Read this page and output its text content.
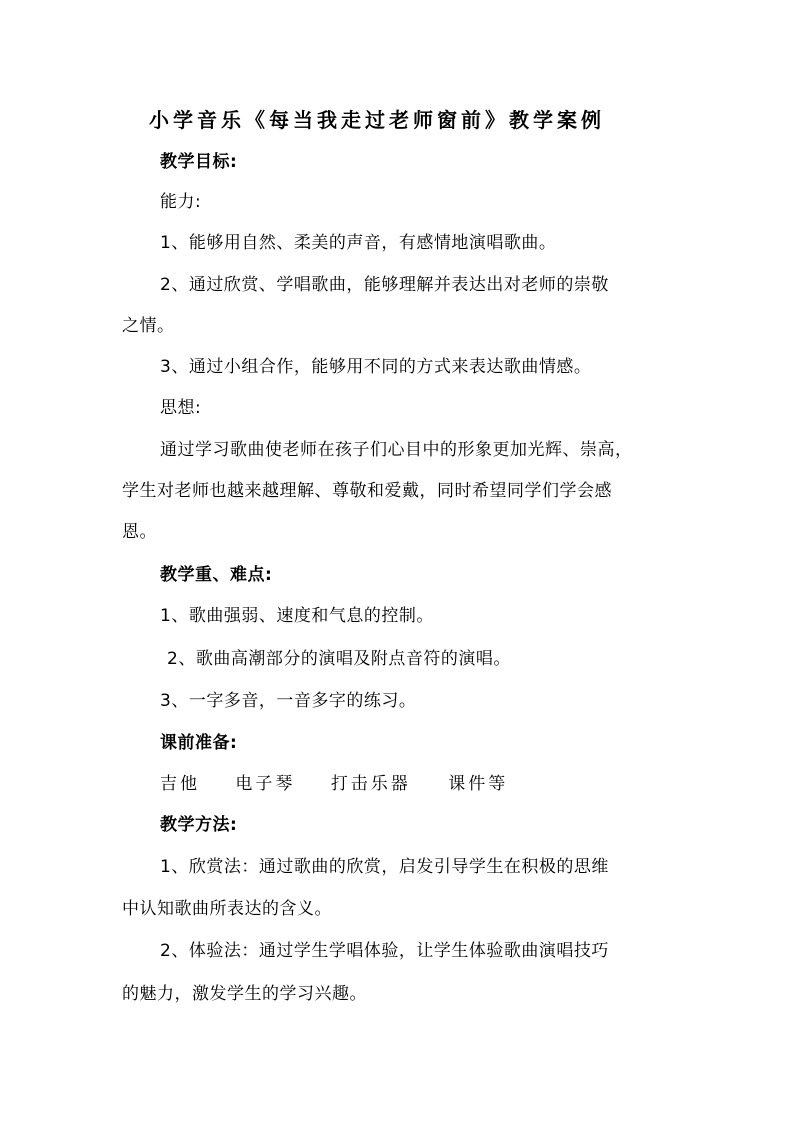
小学音乐《每当我走过老师窗前》教学案例
教学目标:
能力:
1、能够用自然、柔美的声音，有感情地演唱歌曲。
2、通过欣赏、学唱歌曲，能够理解并表达出对老师的崇敬
之情。
3、通过小组合作，能够用不同的方式来表达歌曲情感。
思想:
通过学习歌曲使老师在孩子们心目中的形象更加光辉、崇高，
学生对老师也越来越理解、尊敬和爱戴，同时希望同学们学会感
恩。
教学重、难点:
1、歌曲强弱、速度和气息的控制。
2、歌曲高潮部分的演唱及附点音符的演唱。
3、一字多音，一音多字的练习。
课前准备:
吉他 电子琴 打击乐器 课件等
教学方法:
1、欣赏法：通过歌曲的欣赏，启发引导学生在积极的思维
中认知歌曲所表达的含义。
2、体验法：通过学生学唱体验，让学生体验歌曲演唱技巧
的魅力，激发学生的学习兴趣。
